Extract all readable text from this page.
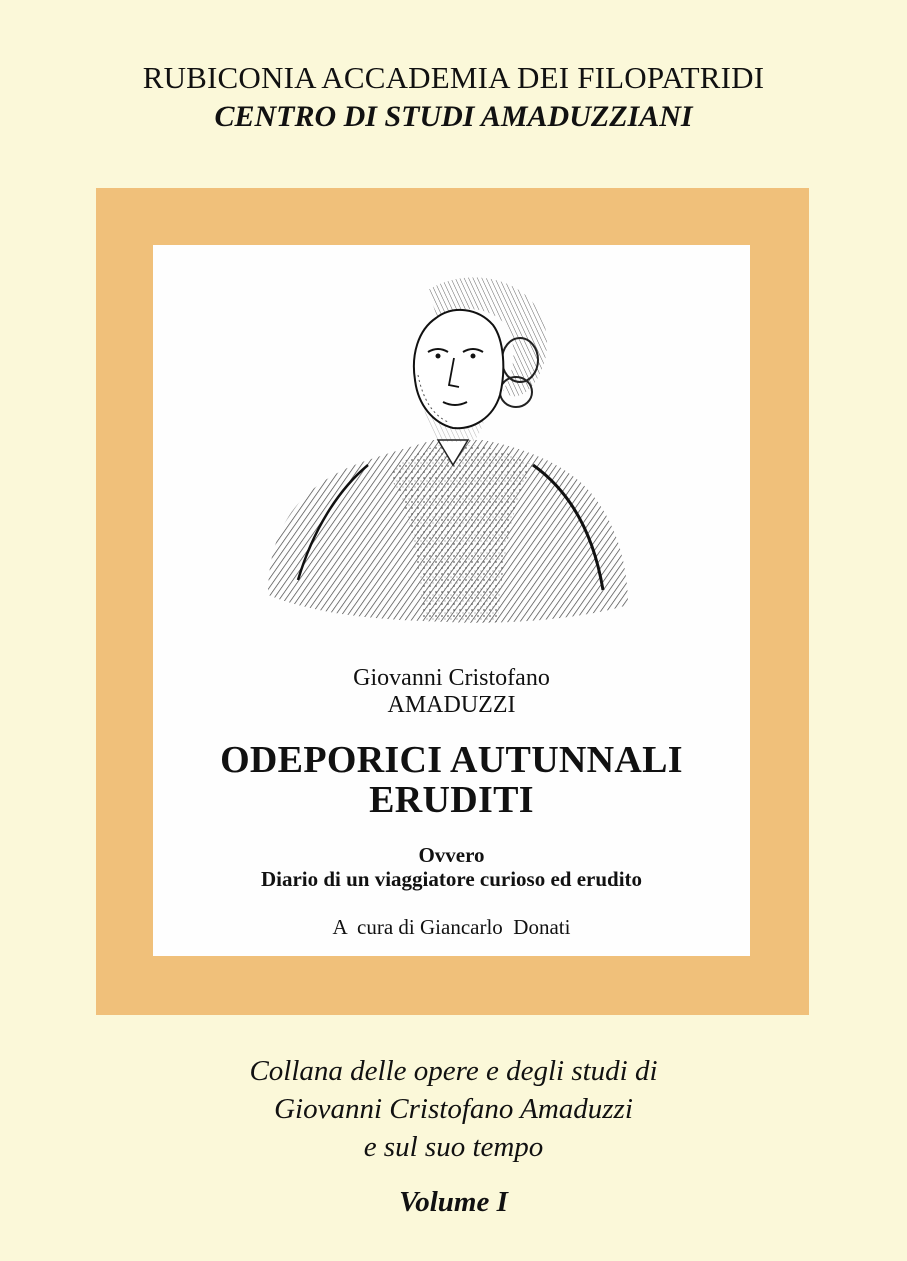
RUBICONIA ACCADEMIA DEI FILOPATRIDI
CENTRO DI STUDI AMADUZZIANI
Giovanni Cristofano
AMADUZZI
ODEPORICI AUTUNNALI
ERUDITI
Ovvero
Diario di un viaggiatore curioso ed erudito
A  cura di Giancarlo  Donati
Collana delle opere e degli studi di
Giovanni Cristofano Amaduzzi
e sul suo tempo
Volume I
